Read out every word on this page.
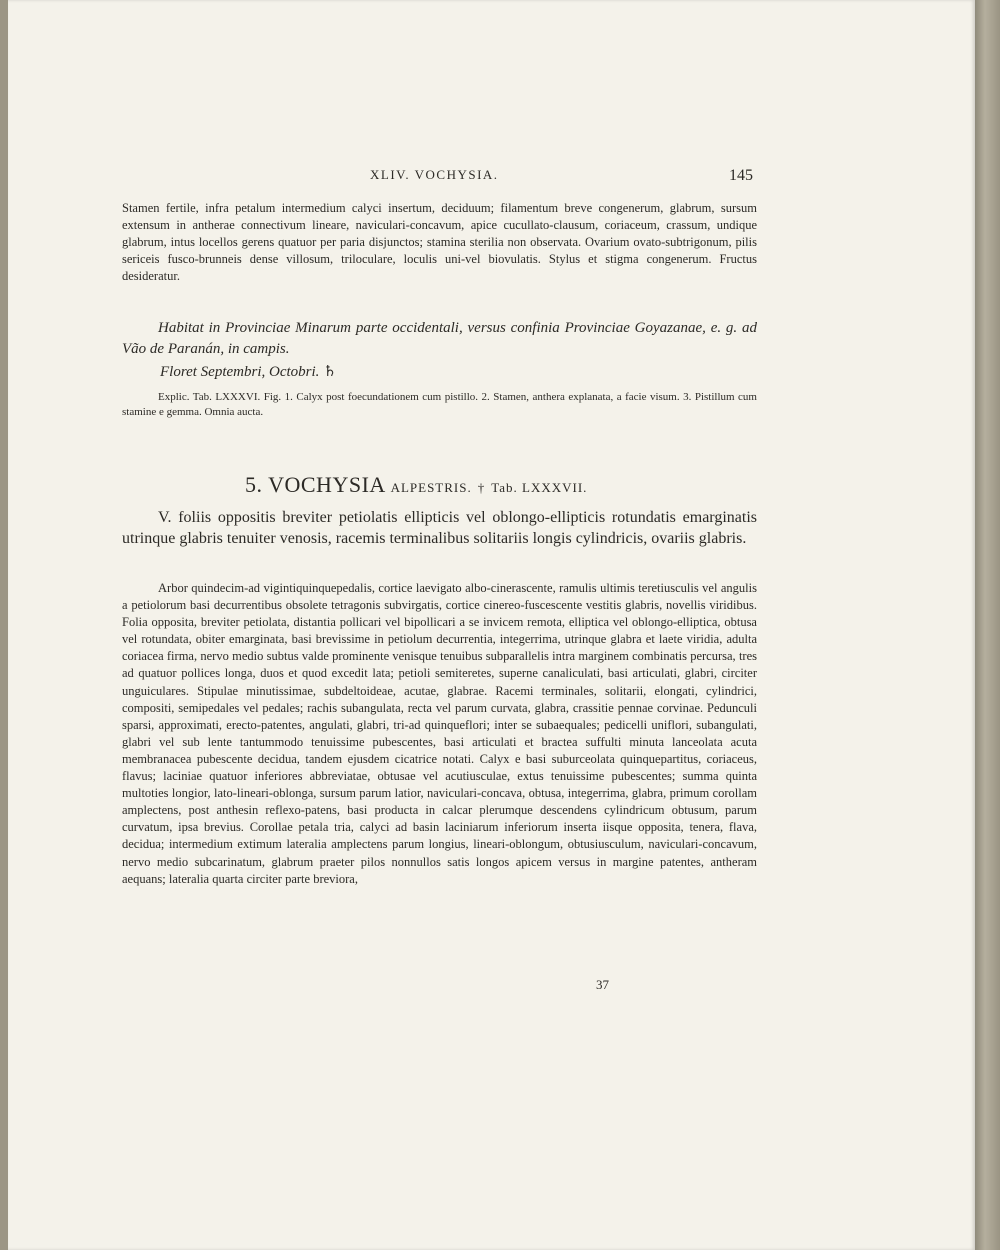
XLIV. VOCHYSIA.	145
Stamen fertile, infra petalum intermedium calyci insertum, deciduum; filamentum breve congenerum, glabrum, sursum extensum in antherae connectivum lineare, naviculari-concavum, apice cucullato-clausum, coriaceum, crassum, undique glabrum, intus locellos gerens quatuor per paria disjunctos; stamina sterilia non observata. Ovarium ovato-subtrigonum, pilis sericeis fusco-brunneis dense villosum, triloculare, loculis uni-vel biovulatis. Stylus et stigma congenerum. Fructus desideratur.
Habitat in Provinciae Minarum parte occidentali, versus confinia Provinciae Goyazanae, e. g. ad Vão de Paranán, in campis.
Floret Septembri, Octobri. ♄
Explic. Tab. LXXXVI. Fig. 1. Calyx post foecundationem cum pistillo. 2. Stamen, anthera explanata, a facie visum. 3. Pistillum cum stamine e gemma. Omnia aucta.
5. VOCHYSIA ALPESTRIS. † Tab. LXXXVII.
V. foliis oppositis breviter petiolatis ellipticis vel oblongo-ellipticis rotundatis emarginatis utrinque glabris tenuiter venosis, racemis terminalibus solitariis longis cylindricis, ovariis glabris.
Arbor quindecim-ad vigintiquinquepedalis, cortice laevigato albo-cinerascente, ramulis ultimis teretiusculis vel angulis a petiolorum basi decurrentibus obsolete tetragonis subvirgatis, cortice cinereo-fuscescente vestitis glabris, novellis viridibus. Folia opposita, breviter petiolata, distantia pollicari vel bipollicari a se invicem remota, elliptica vel oblongo-elliptica, obtusa vel rotundata, obiter emarginata, basi brevissime in petiolum decurrentia, integerrima, utrinque glabra et laete viridia, adulta coriacea firma, nervo medio subtus valde prominente venisque tenuibus subparallelis intra marginem combinatis percursa, tres ad quatuor pollices longa, duos et quod excedit lata; petioli semiteretes, superne canaliculati, basi articulati, glabri, circiter unguiculares. Stipulae minutissimae, subdeltoideae, acutae, glabrae. Racemi terminales, solitarii, elongati, cylindrici, compositi, semipedales vel pedales; rachis subangulata, recta vel parum curvata, glabra, crassitie pennae corvinae. Pedunculi sparsi, approximati, erecto-patentes, angulati, glabri, tri-ad quinqueflori; inter se subaequales; pedicelli uniflori, subangulati, glabri vel sub lente tantummodo tenuissime pubescentes, basi articulati et bractea suffulti minuta lanceolata acuta membranacea pubescente decidua, tandem ejusdem cicatrice notati. Calyx e basi suburceolata quinquepartitus, coriaceus, flavus; laciniae quatuor inferiores abbreviatae, obtusae vel acutiusculae, extus tenuissime pubescentes; summa quinta multoties longior, lato-lineari-oblonga, sursum parum latior, naviculari-concava, obtusa, integerrima, glabra, primum corollam amplectens, post anthesin reflexo-patens, basi producta in calcar plerumque descendens cylindricum obtusum, parum curvatum, ipsa brevius. Corollae petala tria, calyci ad basin laciniarum inferiorum inserta iisque opposita, tenera, flava, decidua; intermedium extimum lateralia amplectens parum longius, lineari-oblongum, obtusiusculum, naviculari-concavum, nervo medio subcarinatum, glabrum praeter pilos nonnullos satis longos apicem versus in margine patentes, antheram aequans; lateralia quarta circiter parte breviora,
37
